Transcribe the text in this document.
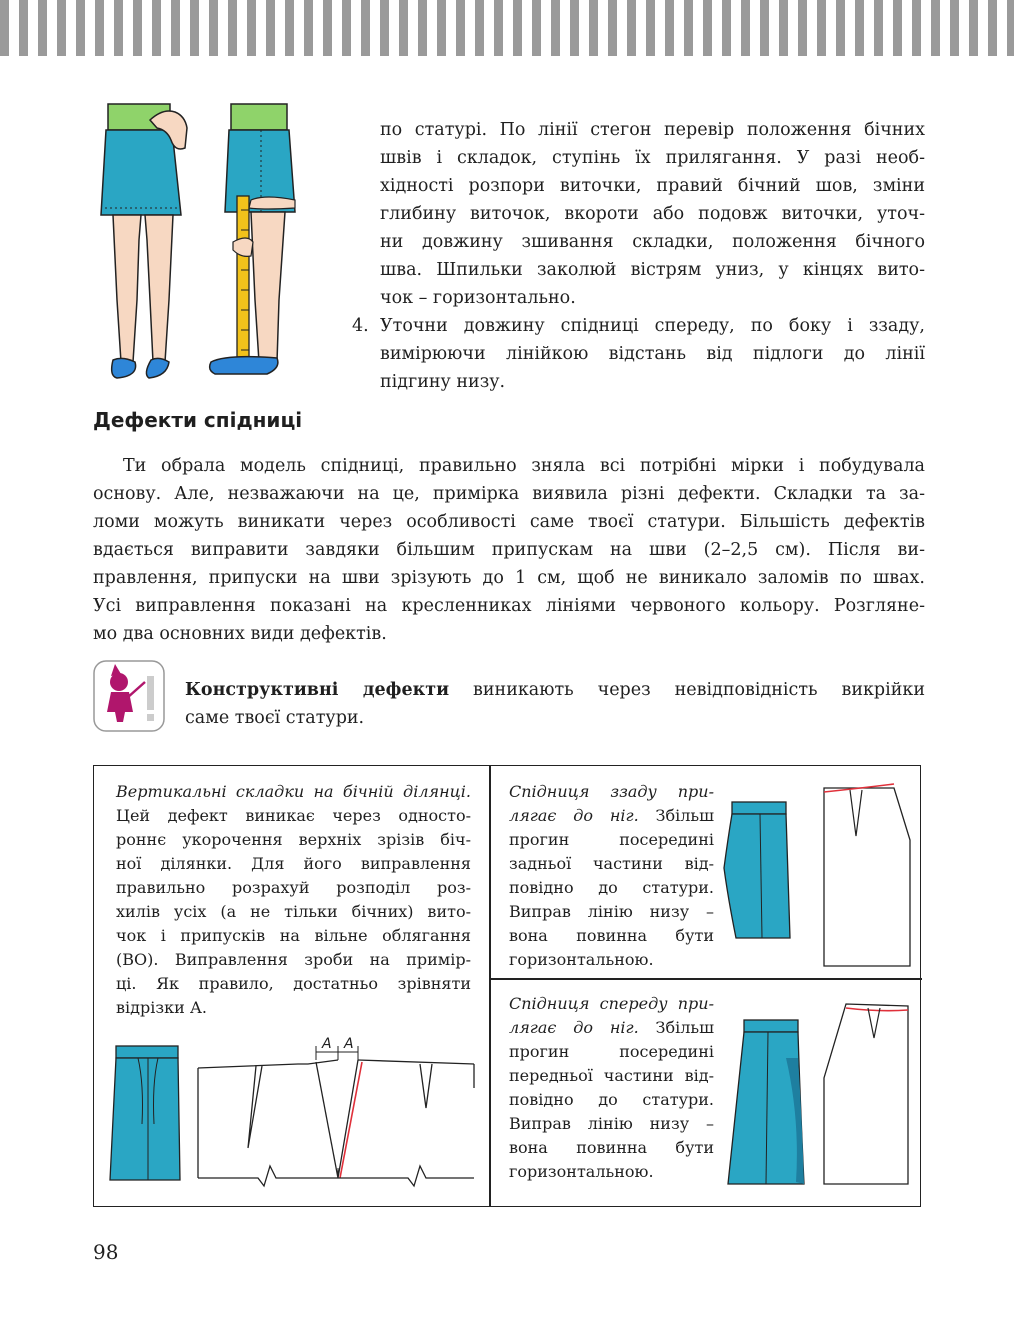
по статурі. По лінії стегон перевір положення бічних
швів і складок, ступінь їх прилягання. У разі необ-
хідності розпори виточки, правий бічний шов, зміни
глибину виточок, вкороти або подовж виточки, уточ-
ни довжину зшивання складки, положення бічного
шва. Шпильки заколюй вістрям униз, у кінцях вито-
чок – горизонтально.
4. Уточни довжину спідниці спереду, по боку і ззаду,
вимірюючи лінійкою відстань від підлоги до лінії
підгину низу.
Дефекти спідниці
Ти обрала модель спідниці, правильно зняла всі потрібні мірки і побудувала
основу. Але, незважаючи на це, примірка виявила різні дефекти. Складки та за-
ломи можуть виникати через особливості саме твоєї статури. Більшість дефектів
вдається виправити завдяки більшим припускам на шви (2–2,5 см). Після ви-
правлення, припуски на шви зрізують до 1 см, щоб не виникало заломів по швах.
Усі виправлення показані на кресленниках лініями червоного кольору. Розгляне-
мо два основних види дефектів.
Конструктивні дефекти виникають через невідповідність викрійки
саме твоєї статури.
Вертикальні складки на бічній ділянці.
Цей дефект виникає через односто-
роннє укорочення верхніх зрізів біч-
ної ділянки. Для його виправлення
правильно розрахуй розподіл роз-
хилів усіх (а не тільки бічних) вито-
чок і припусків на вільне облягання
(ВО). Виправлення зроби на примір-
ці. Як правило, достатньо зрівняти
відрізки А.
А А
Спідниця ззаду при-
лягає до ніг. Збільш
прогин посередині
задньої частини від-
повідно до статури.
Виправ лінію низу –
вона повинна бути
горизонтальною.
Спідниця спереду при-
лягає до ніг. Збільш
прогин посередині
передньої частини від-
повідно до статури.
Виправ лінію низу –
вона повинна бути
горизонтальною.

98
